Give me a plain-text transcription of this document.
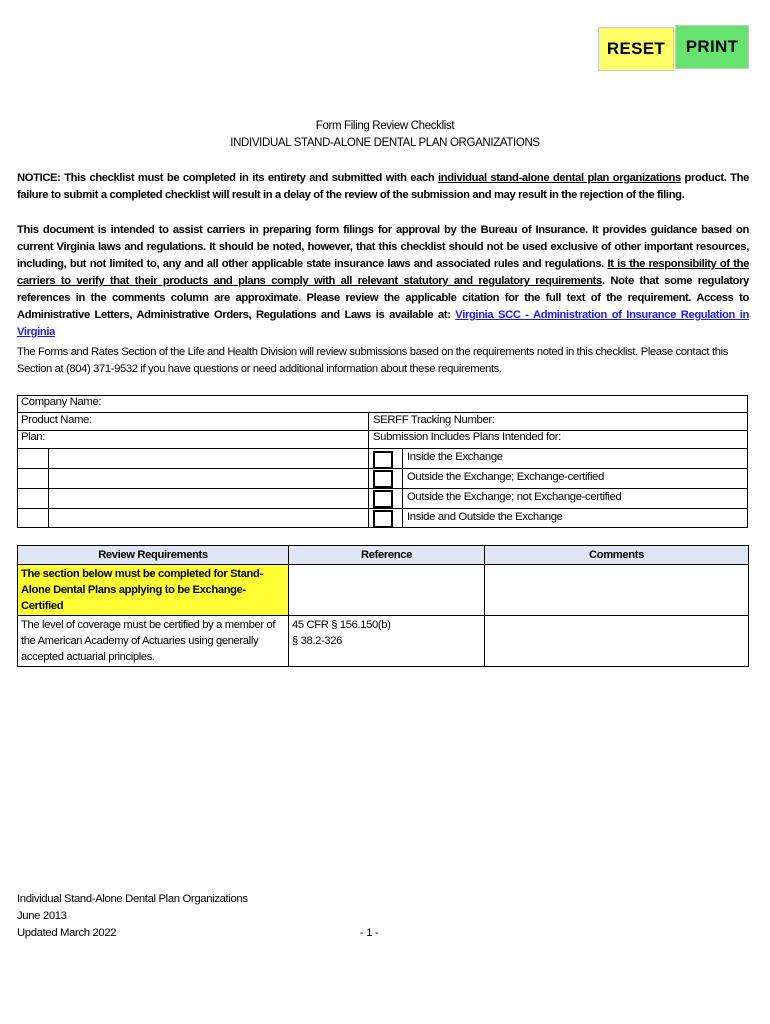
RESET	PRINT
Form Filing Review Checklist
INDIVIDUAL STAND-ALONE DENTAL PLAN ORGANIZATIONS
NOTICE: This checklist must be completed in its entirety and submitted with each individual stand-alone dental plan organizations product. The failure to submit a completed checklist will result in a delay of the review of the submission and may result in the rejection of the filing.
This document is intended to assist carriers in preparing form filings for approval by the Bureau of Insurance. It provides guidance based on current Virginia laws and regulations. It should be noted, however, that this checklist should not be used exclusive of other important resources, including, but not limited to, any and all other applicable state insurance laws and associated rules and regulations. It is the responsibility of the carriers to verify that their products and plans comply with all relevant statutory and regulatory requirements. Note that some regulatory references in the comments column are approximate. Please review the applicable citation for the full text of the requirement. Access to Administrative Letters, Administrative Orders, Regulations and Laws is available at: Virginia SCC - Administration of Insurance Regulation in Virginia
The Forms and Rates Section of the Life and Health Division will review submissions based on the requirements noted in this checklist. Please contact this Section at (804) 371-9532 if you have questions or need additional information about these requirements.
Company Name:
Product Name:	SERFF Tracking Number:
Plan:	Submission Includes Plans Intended for:
Inside the Exchange
Outside the Exchange; Exchange-certified
Outside the Exchange; not Exchange-certified
Inside and Outside the Exchange
Review Requirements	Reference	Comments
The section below must be completed for Stand-Alone Dental Plans applying to be Exchange-Certified		
The level of coverage must be certified by a member of the American Academy of Actuaries using generally accepted actuarial principles.	45 CFR § 156.150(b)
§ 38.2-326	

Individual Stand-Alone Dental Plan Organizations
June 2013
Updated March 2022	- 1 -
